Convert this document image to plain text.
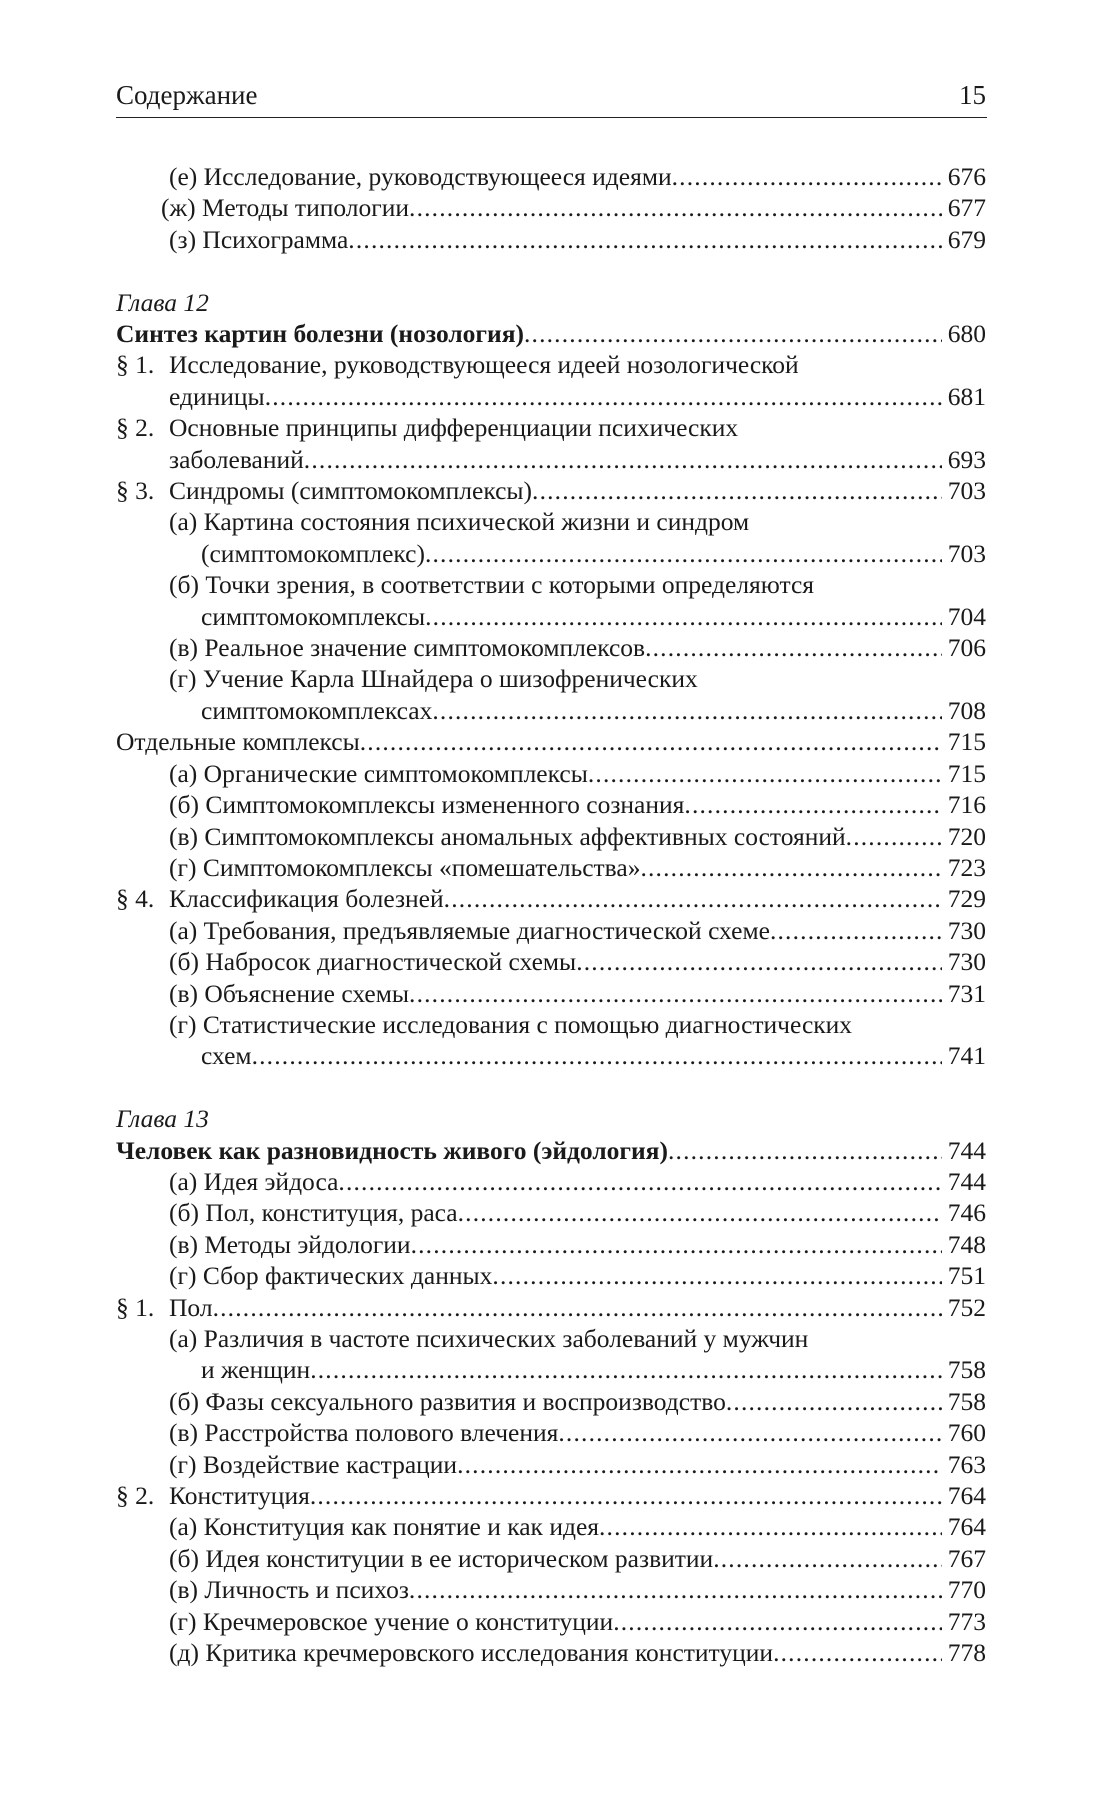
Содержание	15
(е) Исследование, руководствующееся идеями . . .	676
(ж) Методы типологии . . .	677
(з) Психограмма . . .	679
Глава 12
Синтез картин болезни (нозология) . . .	680
§ 1. Исследование, руководствующееся идеей нозологической
единицы . . .	681
§ 2. Основные принципы дифференциации психических
заболеваний . . .	693
§ 3. Синдромы (симптомокомплексы) . . .	703
(а) Картина состояния психической жизни и синдром
(симптомокомплекс) . . .	703
(б) Точки зрения, в соответствии с которыми определяются
симптомокомплексы . . .	704
(в) Реальное значение симптомокомплексов . . .	706
(г) Учение Карла Шнайдера о шизофренических
симптомокомплексах . . .	708
Отдельные комплексы . . .	715
(а) Органические симптомокомплексы . . .	715
(б) Симптомокомплексы измененного сознания . . .	716
(в) Симптомокомплексы аномальных аффективных состояний . . .	720
(г) Симптомокомплексы «помешательства» . . .	723
§ 4. Классификация болезней . . .	729
(а) Требования, предъявляемые диагностической схеме . . .	730
(б) Набросок диагностической схемы . . .	730
(в) Объяснение схемы . . .	731
(г) Статистические исследования с помощью диагностических
схем . . .	741
Глава 13
Человек как разновидность живого (эйдология) . . .	744
(а) Идея эйдоса . . .	744
(б) Пол, конституция, раса . . .	746
(в) Методы эйдологии . . .	748
(г) Сбор фактических данных . . .	751
§ 1. Пол . . .	752
(а) Различия в частоте психических заболеваний у мужчин
и женщин . . .	758
(б) Фазы сексуального развития и воспроизводство . . .	758
(в) Расстройства полового влечения . . .	760
(г) Воздействие кастрации . . .	763
§ 2. Конституция . . .	764
(а) Конституция как понятие и как идея . . .	764
(б) Идея конституции в ее историческом развитии . . .	767
(в) Личность и психоз . . .	770
(г) Кречмеровское учение о конституции . . .	773
(д) Критика кречмеровского исследования конституции . . .	778
